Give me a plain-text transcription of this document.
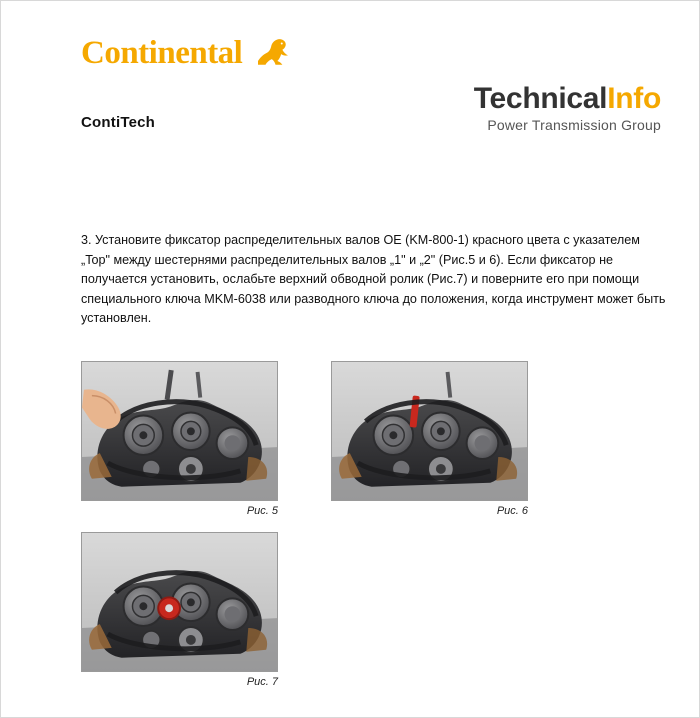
Continental
ContiTech
TechnicalInfo
Power Transmission Group
3. Установите фиксатор распределительных валов ОЕ (KM-800-1) красного цвета с указателем „Top" между шестернями распределительных валов „1" и „2" (Рис.5 и 6). Если фиксатор не получается установить, ослабьте верхний обводной ролик (Рис.7) и поверните его при помощи специального ключа MKM-6038 или разводного ключа до положения, когда инструмент может быть установлен.
Рис. 5	Рис. 6
Рис. 7
